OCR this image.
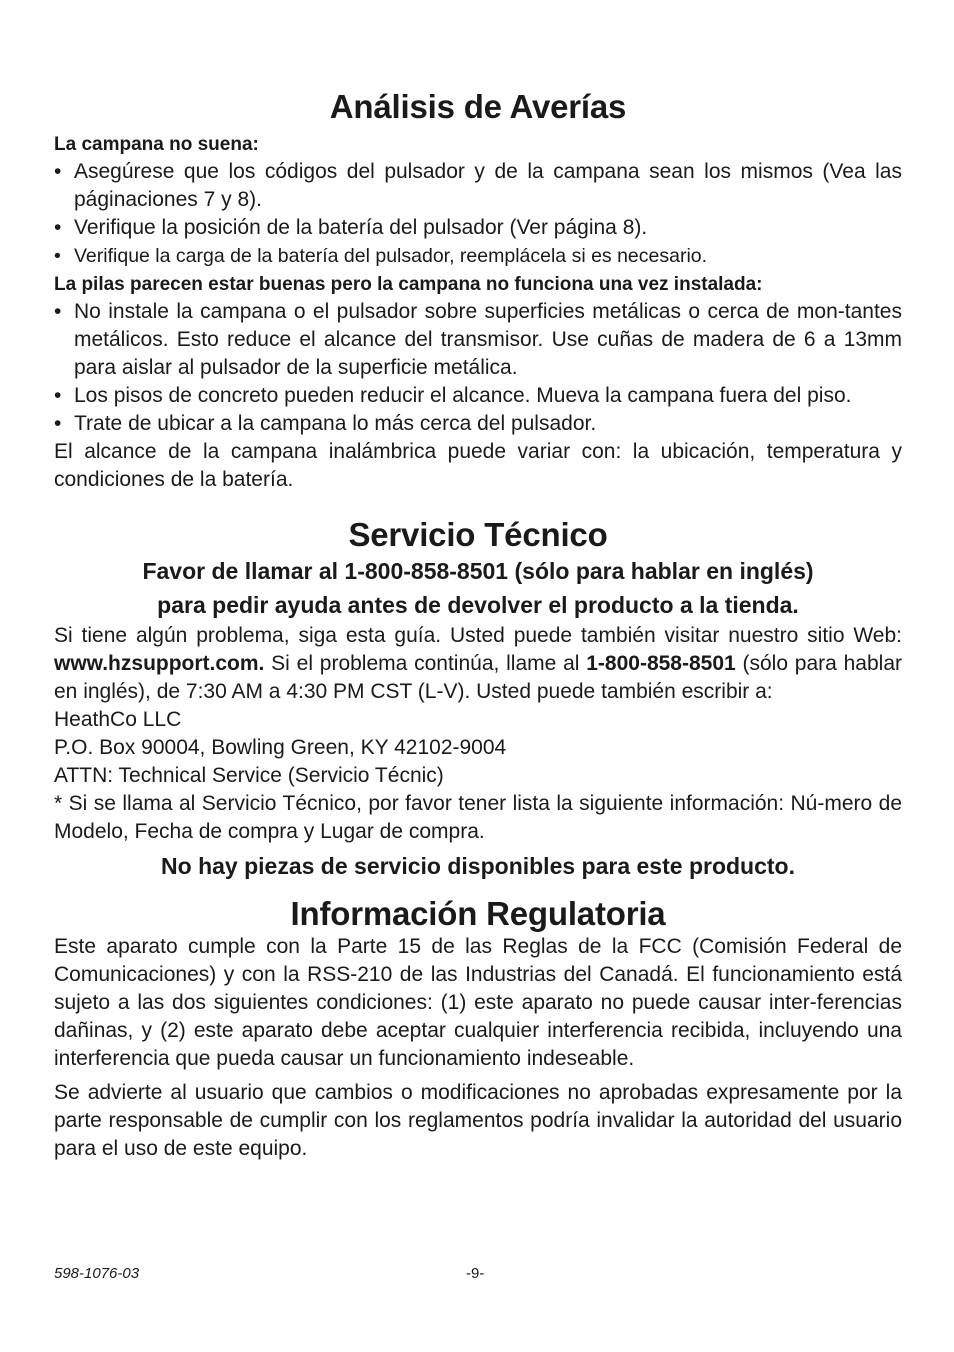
Análisis de Averías

La campana no suena:

• Asegúrese que los códigos del pulsador y de la campana sean los mismos (Vea las páginaciones 7 y 8).
• Verifique la posición de la batería del pulsador (Ver página 8).
• Verifique la carga de la batería del pulsador, reemplácela si es necesario.

La pilas parecen estar buenas pero la campana no funciona una vez instalada:

• No instale la campana o el pulsador sobre superficies metálicas o cerca de mon-tantes metálicos. Esto reduce el alcance del transmisor. Use cuñas de madera de 6 a 13mm para aislar al pulsador de la superficie metálica.
• Los pisos de concreto pueden reducir el alcance. Mueva la campana fuera del piso.
• Trate de ubicar a la campana lo más cerca del pulsador.

El alcance de la campana inalámbrica puede variar con: la ubicación, temperatura y condiciones de la batería.

Servicio Técnico

Favor de llamar al 1-800-858-8501 (sólo para hablar en inglés)

para pedir ayuda antes de devolver el producto a la tienda.

Si tiene algún problema, siga esta guía. Usted puede también visitar nuestro sitio Web: www.hzsupport.com. Si el problema continúa, llame al 1-800-858-8501 (sólo para hablar en inglés), de 7:30 AM a 4:30 PM CST (L-V). Usted puede también escribir a:

HeathCo LLC

P.O. Box 90004, Bowling Green, KY 42102-9004

ATTN: Technical Service (Servicio Técnic)

* Si se llama al Servicio Técnico, por favor tener lista la siguiente información: Nú-mero de Modelo, Fecha de compra y Lugar de compra.

No hay piezas de servicio disponibles para este producto.

Información Regulatoria

Este aparato cumple con la Parte 15 de las Reglas de la FCC (Comisión Federal de Comunicaciones) y con la RSS-210 de las Industrias del Canadá. El funcionamiento está sujeto a las dos siguientes condiciones: (1) este aparato no puede causar inter-ferencias dañinas, y (2) este aparato debe aceptar cualquier interferencia recibida, incluyendo una interferencia que pueda causar un funcionamiento indeseable.

Se advierte al usuario que cambios o modificaciones no aprobadas expresamente por la parte responsable de cumplir con los reglamentos podría invalidar la autoridad del usuario para el uso de este equipo.

598-1076-03	-9-
